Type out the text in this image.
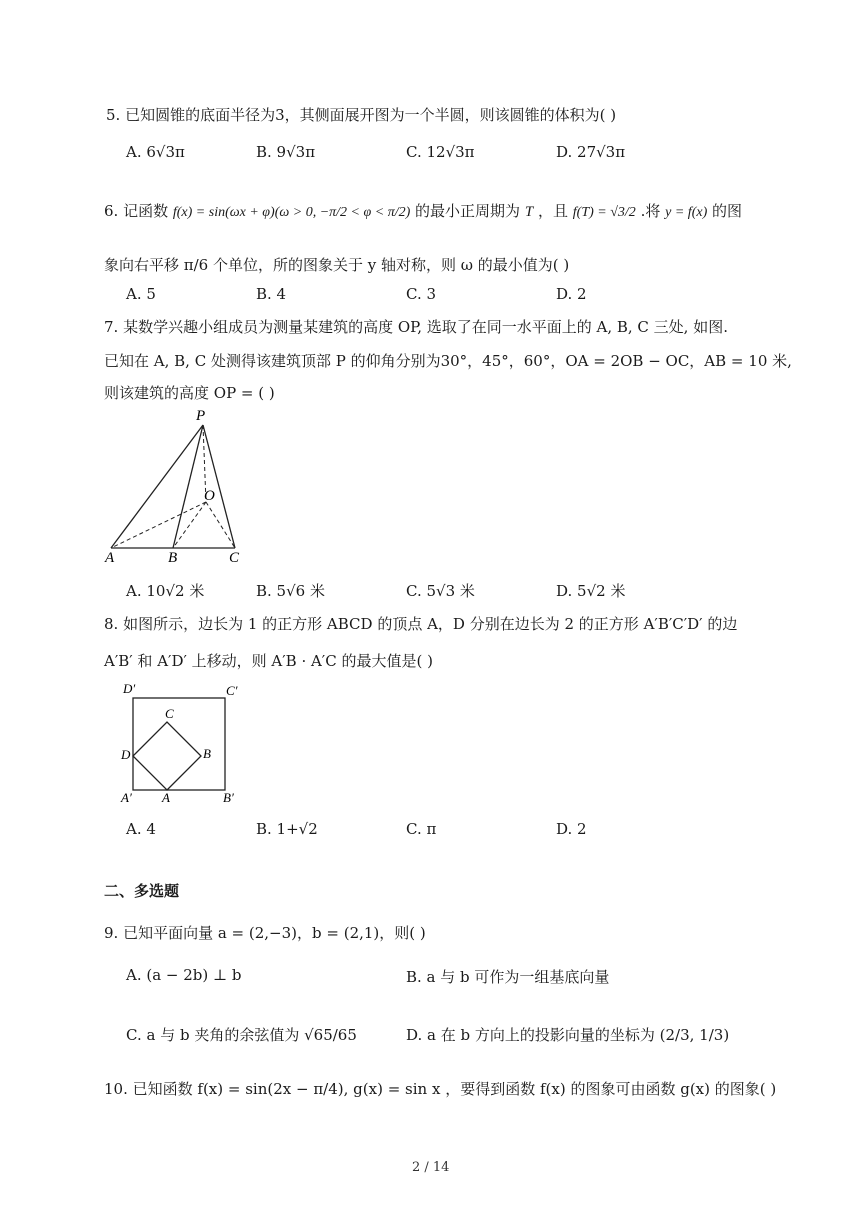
5. 已知圆锥的底面半径为3，其侧面展开图为一个半圆，则该圆锥的体积为( )
A. 6√3π	B. 9√3π	C. 12√3π	D. 27√3π
6. 记函数 f(x) = sin(ωx + φ)(ω > 0, −π/2 < φ < π/2) 的最小正周期为 T ，且 f(T) = √3/2 .将 y = f(x) 的图
象向右平移 π/6 个单位，所的图象关于 y 轴对称，则 ω 的最小值为( )
A. 5	B. 4	C. 3	D. 2
7. 某数学兴趣小组成员为测量某建筑的高度 OP, 选取了在同一水平面上的 A, B, C 三处, 如图.
已知在 A, B, C 处测得该建筑顶部 P 的仰角分别为30°，45°，60°，OA = 2OB − OC，AB = 10 米,
则该建筑的高度 OP = ( )
P
O
A	B	C
A. 10√2 米	B. 5√6 米	C. 5√3 米	D. 5√2 米
8. 如图所示，边长为 1 的正方形 ABCD 的顶点 A，D 分别在边长为 2 的正方形 A′B′C′D′ 的边
A′B′ 和 A′D′ 上移动，则 A′B · A′C 的最大值是( )
D′	C′
A′	B′
A
B
C
D
A. 4	B. 1+√2	C. π	D. 2
二、多选题
9. 已知平面向量 a = (2,−3)，b = (2,1)，则( )
A. (a − 2b) ⊥ b	B. a 与 b 可作为一组基底向量
C. a 与 b 夹角的余弦值为 √65/65	D. a 在 b 方向上的投影向量的坐标为 (2/3, 1/3)
10. 已知函数 f(x) = sin(2x − π/4), g(x) = sin x ，要得到函数 f(x) 的图象可由函数 g(x) 的图象( )
2 / 14
